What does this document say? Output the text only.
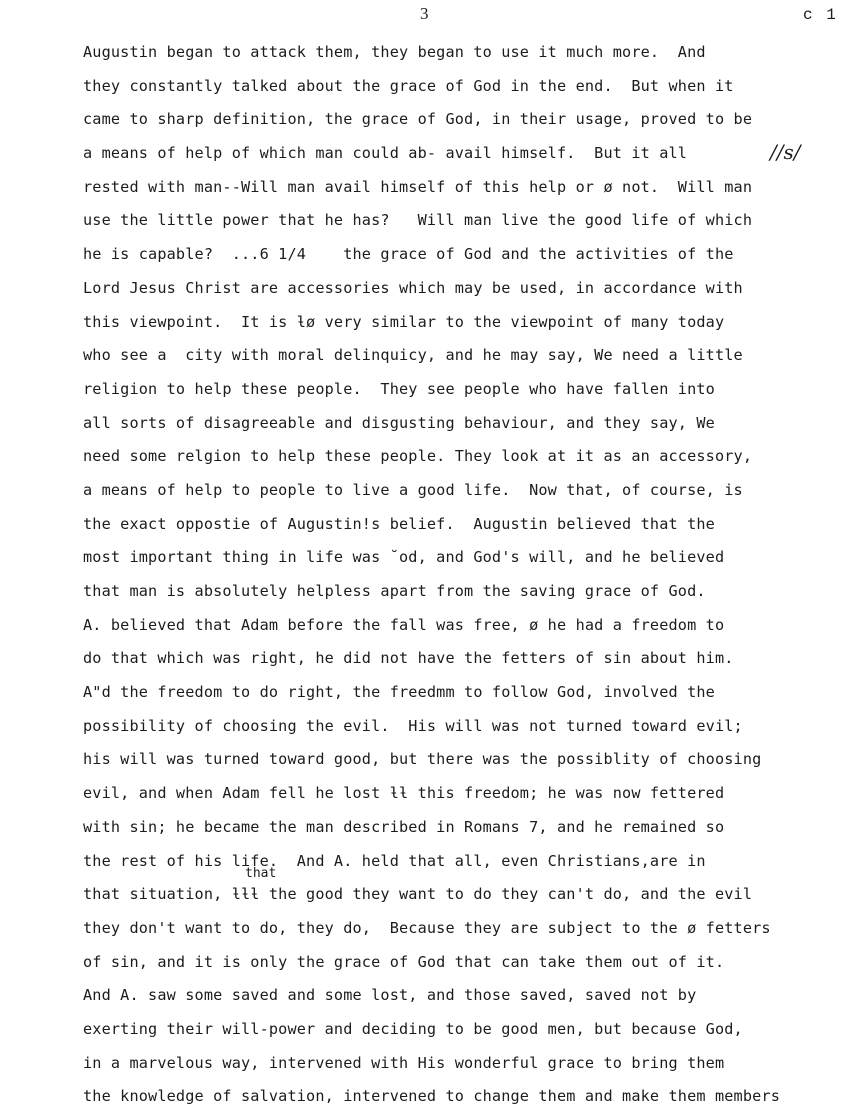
3	c 1
//s/
that
Augustin began to attack them, they began to use it much more.  And
they constantly talked about the grace of God in the end.  But when it
came to sharp definition, the grace of God, in their usage, proved to be
a means of help of which man could ab- avail himself.  But it all
rested with man--Will man avail himself of this help or ø not.  Will man
use the little power that he has?   Will man live the good life of which
he is capable?  ...6 1/4    the grace of God and the activities of the
Lord Jesus Christ are accessories which may be used, in accordance with
this viewpoint.  It is ƚø very similar to the viewpoint of many today
who see a  city with moral delinquicy, and he may say, We need a little
religion to help these people.  They see people who have fallen into
all sorts of disagreeable and disgusting behaviour, and they say, We
need some relgion to help these people. They look at it as an accessory,
a means of help to people to live a good life.  Now that, of course, is
the exact oppostie of Augustin!s belief.  Augustin believed that the
most important thing in life was ˘od, and God's will, and he believed
that man is absolutely helpless apart from the saving grace of God.
A. believed that Adam before the fall was free, ø he had a freedom to
do that which was right, he did not have the fetters of sin about him.
A"d the freedom to do right, the freedmm to follow God, involved the
possibility of choosing the evil.  His will was not turned toward evil;
his will was turned toward good, but there was the possiblity of choosing
evil, and when Adam fell he lost ƚƚ this freedom; he was now fettered
with sin; he became the man described in Romans 7, and he remained so
the rest of his life.  And A. held that all, even Christians,are in
that situation, ƚƚƚ the good they want to do they can't do, and the evil
they don't want to do, they do,  Because they are subject to the ø fetters
of sin, and it is only the grace of God that can take them out of it.
And A. saw some saved and some lost, and those saved, saved not by
exerting their will-power and deciding to be good men, but because God,
in a marvelous way, intervened with His wonderful grace to bring them
the knowledge of salvation, intervened to change them and make them members
